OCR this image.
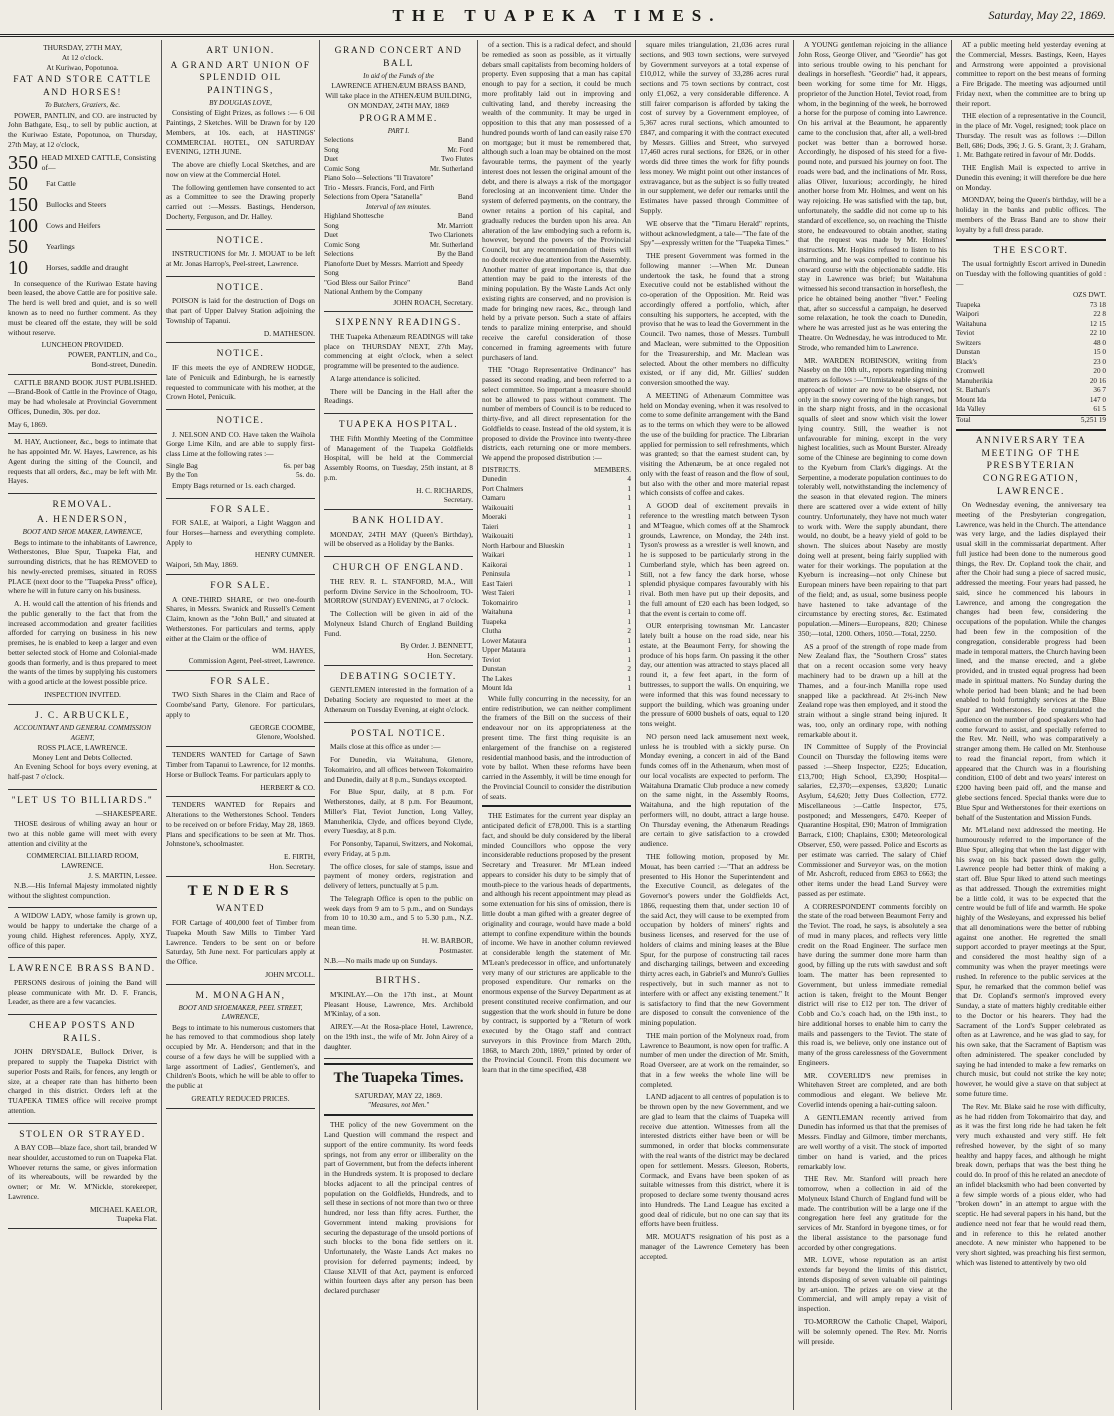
THE TUAPEKA TIMES.	Saturday, May 22, 1869.
THURSDAY, 27TH MAY,
At 12 o'clock.
At Kuriwao, Popotunoa.
FAT AND STORE CATTLE AND HORSES!
To Butchers, Graziers, &c.

POWER, PANTLIN, and CO. are instructed by John Bathgate, Esq., to sell by public auction, at the Kuriwao Estate, Popotunoa, on Thursday, 27th May, at 12 o'clock,

350 HEAD MIXED CATTLE, Consisting of—
50	Fat Cattle
150	Bullocks and Steers
100	Cows and Heifers
50	Yearlings
10	Horses, saddle and draught

In consequence of the Kuriwao Estate having been leased, the above Cattle are for positive sale. The herd is well bred and quiet, and is so well known as to need no further comment. As they must be cleared off the estate, they will be sold without reserve.

LUNCHEON PROVIDED.
POWER, PANTLIN, and Co.,
Bond-street, Dunedin.

CATTLE BRAND BOOK JUST PUBLISHED.—Brand-Book of Cattle in the Province of Otago, may be had wholesale at Provincial Government Offices, Dunedin, 30s. per doz.

May 6, 1869.

M. HAY, Auctioneer, &c., begs to intimate that he has appointed Mr. W. Hayes, Lawrence, as his Agent during the sitting of the Council, and requests that all orders, &c., may be left with Mr. Hayes.

REMOVAL.
A. HENDERSON,
BOOT AND SHOE MAKER, LAWRENCE,

Begs to intimate to the inhabitants of Lawrence, Wetherstones, Blue Spur, Tuapeka Flat, and surrounding districts, that he has REMOVED to his newly-erected premises, situated in ROSS PLACE (next door to the "Tuapeka Press" office), where he will in future carry on his business.

A. H. would call the attention of his friends and the public generally to the fact that from the increased accommodation and greater facilities afforded for carrying on business in his new premises, he is enabled to keep a larger and even better selected stock of Home and Colonial-made goods than formerly, and is thus prepared to meet the wants of the times by supplying his customers with a good article at the lowest possible price.

INSPECTION INVITED.
J. C. ARBUCKLE,
ACCOUNTANT AND GENERAL COMMISSION AGENT,
ROSS PLACE, LAWRENCE.
Money Lent and Debts Collected.

An Evening School for boys every evening, at half-past 7 o'clock.

"LET US TO BILLIARDS."
—SHAKESPEARE.

THOSE desirous of whiling away an hour or two at this noble game will meet with every attention and civility at the

COMMERCIAL BILLIARD ROOM, LAWRENCE.
J. S. MARTIN, Lessee.

N.B.—His Infernal Majesty immolated nightly without the slightest compunction.

A WIDOW LADY, whose family is grown up, would be happy to undertake the charge of a young child. Highest references. Apply, XYZ, office of this paper.

LAWRENCE BRASS BAND.

PERSONS desirous of joining the Band will please communicate with Mr. D. F. Francis, Leader, as there are a few vacancies.

CHEAP POSTS AND RAILS.

JOHN DRYSDALE, Bullock Driver, is prepared to supply the Tuapeka District with superior Posts and Rails, for fences, any length or size, at a cheaper rate than has hitherto been charged in this district. Orders left at the TUAPEKA TIMES office will receive prompt attention.

STOLEN OR STRAYED.

A BAY COB—blaze face, short tail, branded W near shoulder, accustomed to run on Tuapeka Flat. Whoever returns the same, or gives information of its whereabouts, will be rewarded by the owner; or Mr. W. M'Nickle, storekeeper, Lawrence.

MICHAEL KAELOR,
Tuapeka Flat.
ART UNION.
A GRAND ART UNION OF SPLENDID OIL PAINTINGS,
BY DOUGLAS LOVE,

Consisting of Eight Prizes, as follows :— 6 Oil Paintings, 2 Sketches. Will be Drawn for by 120 Members, at 10s. each, at HASTINGS' COMMERCIAL HOTEL, ON SATURDAY EVENING, 12TH JUNE.

The above are chiefly Local Sketches, and are now on view at the Commercial Hotel.

The following gentlemen have consented to act as a Committee to see the Drawing properly carried out :—Messrs. Bastings, Henderson, Docherty, Ferguson, and Dr. Halley.

NOTICE.

INSTRUCTIONS for Mr. J. MOUAT to be left at Mr. Jonas Harrop's, Peel-street, Lawrence.

NOTICE.

POISON is laid for the destruction of Dogs on that part of Upper Dalvey Station adjoining the Township of Tapanui.

D. MATHESON.
NOTICE.

IF this meets the eye of ANDREW HODGE, late of Penicuik and Edinburgh, he is earnestly requested to communicate with his mother, at the Crown Hotel, Penicuik.

NOTICE.

J. NELSON AND CO. Have taken the Waihola Gorge Lime Kiln, and are able to supply first-class Lime at the following rates :—

Single Bag	6s. per bag
By the Ton	5s. do.

Empty Bags returned or 1s. each charged.

FOR SALE.

FOR SALE, at Waipori, a Light Waggon and four Horses—harness and everything complete. Apply to

HENRY CUMNER.
Waipori, 5th May, 1869.
FOR SALE.

A ONE-THIRD SHARE, or two one-fourth Shares, in Messrs. Swanick and Russell's Cement Claim, known as the "John Bull," and situated at Wetherstones. For particulars and terms, apply either at the Claim or the office of

WM. HAYES,
Commission Agent, Peel-street, Lawrence.
FOR SALE.

TWO Sixth Shares in the Claim and Race of Coombe'sand Party, Glenore. For particulars, apply to

GEORGE COOMBE,
Glenore, Woolshed.

TENDERS WANTED for Cartage of Sawn Timber from Tapanui to Lawrence, for 12 months. Horse or Bullock Teams. For particulars apply to

HERBERT & CO.

TENDERS WANTED for Repairs and Alterations to the Wetherstones School. Tenders to be received on or before Friday, May 28, 1869. Plans and specifications to be seen at Mr. Thos. Johnstone's, schoolmaster.

E. FIRTH,
Hon. Secretary.
TENDERS
WANTED

FOR Cartage of 400,000 feet of Timber from Tuapeka Mouth Saw Mills to Timber Yard Lawrence. Tenders to be sent on or before Saturday, 5th June next. For particulars apply at the Office.

JOHN M'COLL.
M. MONAGHAN,
BOOT AND SHOEMAKER, PEEL STREET, LAWRENCE,

Begs to intimate to his numerous customers that he has removed to that commodious shop lately occupied by Mr. A. Henderson; and that in the course of a few days he will be supplied with a large assortment of Ladies', Gentlemen's, and Children's Boots, which he will be able to offer to the public at

GREATLY REDUCED PRICES.
GRAND CONCERT AND BALL
In aid of the Funds of the
LAWRENCE ATHENÆUM BRASS BAND,
Will take place in the ATHENÆUM BUILDING,
ON MONDAY, 24TH MAY, 1869
PROGRAMME.
PART I.
Selections	Band
Song	Mr. Ford
Duet	Two Flutes
Comic Song	Mr. Sutherland
Piano Solo—Selections "Il Travatore"
Trio - Messrs. Francis, Ford, and Firth
Selections from Opera "Satanella"	Band
Interval of ten minutes.
Highland Shottesche	Band
Song	Mr. Marriott
Duet	Two Clarionets
Comic Song	Mr. Sutherland
Selections	By the Band
Pianoforte Duet by Messrs. Marriott and Speedy
Song
"God Bless our Sailor Prince"	Band
National Anthem by the Company
JOHN ROACH, Secretary.
SIXPENNY READINGS.

THE Tuapeka Athenæum READINGS will take place on THURSDAY NEXT, 27th May, commencing at eight o'clock, when a select programme will be presented to the audience.

A large attendance is solicited.

There will be Dancing in the Hall after the Readings.

TUAPEKA HOSPITAL.

THE Fifth Monthly Meeting of the Committee of Management of the Tuapeka Goldfields Hospital, will be held at the Commercial Assembly Rooms, on Tuesday, 25th instant, at 8 p.m.

H. C. RICHARDS,
Secretary.
BANK HOLIDAY.

MONDAY, 24TH MAY (Queen's Birthday), will be observed as a Holiday by the Banks.

CHURCH OF ENGLAND.

THE REV. R. L. STANFORD, M.A., Will perform Divine Service in the Schoolroom, TO-MORROW (SUNDAY) EVENING, at 7 o'clock.

The Collection will be given in aid of the Molyneux Island Church of England Building Fund.

By Order. J. BENNETT,
Hon. Secretary.
DEBATING SOCIETY.

GENTLEMEN interested in the formation of a Debating Society are requested to meet at the Athenæum on Tuesday Evening, at eight o'clock.

POSTAL NOTICE.

Mails close at this office as under :—

For Dunedin, via Waitahuna, Glenore, Tokomairiro, and all offices between Tokomairiro and Dunedin, daily at 8 p.m., Sundays excepted.

For Blue Spur, daily, at 8 p.m. For Wetherstones, daily, at 8 p.m. For Beaumont, Miller's Flat, Teviot Junction, Long Valley, Manuherikia, Clyde, and offices beyond Clyde, every Tuesday, at 8 p.m.

For Ponsonby, Tapanui, Switzers, and Nokomai, every Friday, at 5 p.m.

The office closes, for sale of stamps, issue and payment of money orders, registration and delivery of letters, punctually at 5 p.m.

The Telegraph Office is open to the public on week days from 9 am to 5 p.m., and on Sundays from 10 to 10.30 a.m., and 5 to 5.30 p.m., N.Z. mean time.

H. W. BARBOR,
Postmaster.
N.B.—No mails made up on Sundays.
BIRTHS.

M'KINLAY.—On the 17th inst., at Mount Pleasant House, Lawrence, Mrs. Archibold M'Kinlay, of a son.

AIREY.—At the Rosa-place Hotel, Lawrence, on the 19th inst., the wife of Mr. John Airey of a daughter.

The Tuapeka Times.
SATURDAY, MAY 22, 1869.
"Measures, not Men."

THE policy of the new Government on the Land Question will command the respect and support of the entire community. Its word feeds springs, not from any error or illiberality on the part of Government, but from the defects inherent in the Hundreds system. It is proposed to declare blocks adjacent to all the principal centres of population on the Goldfields, Hundreds, and to sell these in sections of not more than two or three hundred, nor less than fifty acres. Further, the Government intend making provisions for securing the depasturage of the unsold portions of such blocks to the bona fide settlers on it. Unfortunately, the Waste Lands Act makes no provision for deferred payments; indeed, by Clause XLVII of that Act, payment is enforced within fourteen days after any person has been declared purchaser

of a section. This is a radical defect, and should be remedied as soon as possible, as it virtually debars small capitalists from becoming holders of property. Even supposing that a man has capital enough to pay for a section, it could be much more profitably laid out in improving and cultivating land, and thereby increasing the wealth of the community. It may be urged in opposition to this that any man possessed of a hundred pounds worth of land can easily raise £70 on mortgage; but it must be remembered that, although such a loan may be obtained on the most favourable terms, the payment of the yearly interest does not lessen the original amount of the debt, and there is always a risk of the mortgagor foreclosing at an inconvenient time. Under the system of deferred payments, on the contrary, the owner retains a portion of his capital, and gradually reduces the burden upon his area. An alteration of the law embodying such a reform is, however, beyond the powers of the Provincial Council, but any recommendation of theirs will no doubt receive due attention from the Assembly. Another matter of great importance is, that due attention may be paid to the interests of the mining population. By the Waste Lands Act only existing rights are conserved, and no provision is made for bringing new races, &c., through land held by a private person. Such a state of affairs tends to paralize mining enterprise, and should receive the careful consideration of those concerned in framing agreements with future purchasers of land.

THE "Otago Representative Ordinance" has passed its second reading, and been referred to a select committee. So important a measure should not be allowed to pass without comment. The number of members of Council is to be reduced to thirty-five, and all direct representation for the Goldfields to cease. Instead of the old system, it is proposed to divide the Province into twenty-three districts, each returning one or more members. We append the proposed distribution :—

DISTRICTS.	MEMBERS.
Dunedin	4
Port Chalmers	1
Oamaru	1
Waikouaiti	1
Moeraki	1
Taieri	1
Waikouaiti	1
North Harbour and Blueskin	1
Waikari	1
Kaikorai	1
Peninsula	1
East Taieri	1
West Taieri	1
Tokomairiro	1
Waitahuna	1
Tuapeka	1
Clutha	2
Lower Mataura	1
Upper Mataura	1
Teviot	1
Dunstan	2
The Lakes	1
Mount Ida	1

While fully concurring in the necessity, for an entire redistribution, we can neither compliment the framers of the Bill on the success of their endeavour nor on its appropriateness at the present time. The first thing requisite is an enlargement of the franchise on a registered residential manhood basis, and the introduction of vote by ballot. When these reforms have been carried in the Assembly, it will be time enough for the Provincial Council to consider the distribution of seats.

THE Estimates for the current year display an anticipated deficit of £78,000. This is a startling fact, and should be duly considered by the liberal minded Councillors who oppose the very inconsiderable reductions proposed by the present Secretary and Treasurer. Mr M'Lean indeed appears to consider his duty to be simply that of mouth-piece to the various heads of departments, and although his recent appointment may plead as some extenuation for his sins of omission, there is little doubt a man gifted with a greater degree of originality and courage, would have made a bold attempt to confine expenditure within the bounds of income. We have in another column reviewed at considerable length the statement of Mr. M'Lean's predecessor in office, and unfortunately very many of our strictures are applicable to the proposed expenditure. Our remarks on the enormous expense of the Survey Department as at present constituted receive confirmation, and our suggestion that the work should in future be done by contract, is supported by a "Return of work executed by the Otago staff and contract surveyors in this Province from March 20th, 1868, to March 20th, 1869," printed by order of the Provincial Council. From this document we learn that in the time specified, 438

square miles triangulation, 21,036 acres rural sections, and 903 town sections, were surveyed by Government surveyors at a total expense of £10,012, while the survey of 33,286 acres rural sections and 75 town sections by contract, cost only £1,062, a very considerable difference. A still fairer comparison is afforded by taking the cost of survey by a Government employee, of 5,367 acres rural sections, which amounted to £847, and comparing it with the contract executed by Messrs. Gillies and Street, who surveyed 17,460 acres rural sections, for £826, or in other words did three times the work for fifty pounds less money. We might point out other instances of extravagance, but as the subject is so fully treated in our supplement, we defer our remarks until the Estimates have passed through Committee of Supply.

WE observe that the "Timaru Herald" reprints, without acknowledgment, a tale—"The fate of the Spy"—expressly written for the "Tuapeka Times."

THE present Government was formed in the following manner :—When Mr. Dunean undertook the task, he found that a strong Executive could not be established without the co-operation of the Opposition. Mr. Reid was accordingly offered a portfolio, which, after consulting his supporters, he accepted, with the proviso that he was to lead the Government in the Council. Two names, those of Messrs. Turnbull and Maclean, were submitted to the Opposition for the Treasurership, and Mr. Maclean was selected. About the other members no difficulty existed, or if any did, Mr. Gillies' sudden conversion smoothed the way.

A MEETING of Athenæum Committee was held on Monday evening, when it was resolved to come to some definite arrangement with the Band as to the terms on which they were to be allowed the use of the building for practice. The Librarian applied for permission to sell refreshments, which was granted; so that the earnest student can, by visiting the Athenæum, be at once regaled not only with the feast of reason and the flow of soul, but also with the other and more material repast which consists of coffee and cakes.

A GOOD deal of excitement prevails in reference to the wrestling match between Tyson and M'Teague, which comes off at the Shamrock grounds, Lawrence, on Monday, the 24th inst. Tyson's prowess as a wrestler is well known, and he is supposed to be particularly strong in the Cumberland style, which has been agreed on. Still, not a few fancy the dark horse, whose splendid physique compares favourably with his rival. Both men have put up their deposits, and the full amount of £20 each has been lodged, so that the event is certain to come off.

OUR enterprising townsman Mr. Lancaster lately built a house on the road side, near his estate, at the Beaumont Ferry, for showing the produce of his hops farm. On passing it the other day, our attention was attracted to stays placed all round it, a few feet apart, in the form of buttresses, to support the walls. On enquiring, we were informed that this was found necessary to support the building, which was groaning under the pressure of 6000 bushels of oats, equal to 120 tons weight.

NO person need lack amusement next week, unless he is troubled with a sickly purse. On Monday evening, a concert in aid of the Band funds comes off in the Athenæum, when most of our local vocalists are expected to perform. The Waitahuna Dramatic Club produce a new comedy on the same night, in the Assembly Rooms, Waitahuna, and the high reputation of the performers will, no doubt, attract a large house. On Thursday evening, the Athenæum Readings are certain to give satisfaction to a crowded audience.

THE following motion, proposed by Mr. Mouat, has been carried :—"That an address be presented to His Honor the Superintendent and the Executive Council, as delegates of the Governor's powers under the Goldfields Act, 1866, requesting them that, under section 10 of the said Act, they will cause to be exempted from occupation by holders of miners' rights and business licenses, and reserved for the use of holders of claims and mining leases at the Blue Spur, for the purpose of constructing tail races and discharging tailings, between and exceeding thirty acres each, in Gabriel's and Munro's Gullies respectively, but in such manner as not to interfere with or affect any existing tenement." It is satisfactory to find that the new Government are disposed to consult the convenience of the mining population.

THE main portion of the Molyneux road, from Lawrence to Beaumont, is now open for traffic. A number of men under the direction of Mr. Smith, Road Overseer, are at work on the remainder, so that in a few weeks the whole line will be completed.

LAND adjacent to all centres of population is to be thrown open by the new Government, and we are glad to learn that the claims of Tuapeka will receive due attention. Witnesses from all the interested districts either have been or will be summoned, in order that blocks commensurate with the real wants of the district may be declared open for settlement. Messrs. Gleeson, Roberts, Cormack, and Evans have been spoken of as suitable witnesses from this district, where it is proposed to declare some twenty thousand acres into Hundreds. The Land League has excited a good deal of ridicule, but no one can say that its efforts have been fruitless.

MR. MOUAT'S resignation of his post as a manager of the Lawrence Cemetery has been accepted.

A YOUNG gentleman rejoicing in the alliance John Ross, George Oliver, and "Geordie" has got into serious trouble owing to his penchant for dealings in horseflesh. "Geordie" had, it appears, been working for some time for Mr. Higgs, proprietor of the Junction Hotel, Teviot road, from whom, in the beginning of the week, he borrowed a horse for the purpose of coming into Lawrence. On his arrival at the Beaumont, he apparently came to the conclusion that, after all, a well-bred pocket was better than a borrowed horse. Accordingly, he disposed of his steed for a five-pound note, and pursued his journey on foot. The roads were bad, and the inclinations of Mr. Ross, alias Oliver, luxurious; accordingly, he hired another horse from Mr. Holmes, and went on his way rejoicing. He was satisfied with the tap, but, unfortunately, the saddle did not come up to his standard of excellence, so, on reaching the Thistle store, he endeavoured to obtain another, stating that the request was made by Mr. Holmes' instructions. Mr. Hopkins refused to listen to his charming, and he was compelled to continue his onward course with the objectionable saddle. His stay in Lawrence was brief; but Waitahuna witnessed his second transaction in horseflesh, the price he obtained being another "fiver." Feeling that, after so successful a campaign, he deserved some relaxation, he took the coach to Dunedin, where he was arrested just as he was entering the Theatre. On Wednesday, he was introduced to Mr. Strode, who remanded him to Lawrence.

MR. WARDEN ROBINSON, writing from Naseby on the 10th ult., reports regarding mining matters as follows :—"Unmistakeable signs of the approach of winter are now to be observed, not only in the snowy covering of the high ranges, but in the sharp night frosts, and in the occasional squalls of sleet and snow which visit the lower lying country. Still, the weather is not unfavourable for mining, except in the very highest localities, such as Mount Burster. Already some of the Chinese are beginning to come down to the Kyeburn from Clark's diggings. At the Serpentine, a moderate population continues to do tolerably well, notwithstanding the inclemency of the season in that elevated region. The miners there are scattered over a wide extent of hilly country. Unfortunately, they have not much water to work with. Were the supply abundant, there would, no doubt, be a heavy yield of gold to be shown. The sluices about Naseby are mostly doing well at present, being fairly supplied with water for their workings. The population at the Kyeburn is increasing—not only Chinese but European miners have been repairing to that part of the field; and, as usual, some business people have hastened to take advantage of the circumstance by erecting stores, &c. Estimated population.—Miners—Europeans, 820; Chinese 350;—total, 1200. Others, 1050.—Total, 2250.

AS a proof of the strength of rope made from New Zealand flax, the "Southern Cross" states that on a recent occasion some very heavy machinery had to be drawn up a hill at the Thames, and a four-inch Manilla rope used snapped like a packthread. At 2½-inch New Zealand rope was then employed, and it stood the strain without a single strand being injured. It was, too, only an ordinary rope, with nothing remarkable about it.

IN Committee of Supply of the Provincial Council on Thursday the following items were passed :—Sheep Inspector, £225; Education, £13,700; High School, £3,390; Hospital—salaries, £2,370;—expenses, £3,820; Lunatic Asylum, £4,620; Jetty Dues Collection, £772. Miscellaneous :—Cattle Inspector, £75, postponed; and Messengers, £470. Keeper of Quarantine Hospital, £90; Matron of Immigration Barrack, £100; Chaplains, £300; Meteorological Observer, £50, were passed. Police and Escorts as per estimate was carried. The salary of Chief Commissioner and Surveyor was, on the motion of Mr. Ashcroft, reduced from £863 to £663; the other items under the head Land Survey were passed as per estimate.

A CORRESPONDENT comments forcibly on the state of the road between Beaumont Ferry and the Teviot. The road, he says, is absolutely a sea of mud in many places, and reflects very little credit on the Road Engineer. The surface men have during the summer done more harm than good, by filling up the ruts with sawdust and soft loam. The matter has been represented to Government, but unless immediate remedial action is taken, freight to the Mount Benger district will rise to £12 per ton. The driver of Cobb and Co.'s coach had, on the 19th inst., to hire additional horses to enable him to carry the mails and passengers to the Teviot. The state of this road is, we believe, only one instance out of many of the gross carelessness of the Government Engineers.

MR. COVERLID'S new premises in Whitehaven Street are completed, and are both commodious and elegant. We believe Mr. Coverlid intends opening a hair-cutting saloon.

A GENTLEMAN recently arrived from Dunedin has informed us that that the premises of Messrs. Findlay and Gilmore, timber merchants, are well worthy of a visit. The stock of imported timber on hand is varied, and the prices remarkably low.

THE Rev. Mr. Stanford will preach here tomorrow, when a collection in aid of the Molyneux Island Church of England fund will be made. The contribution will be a large one if the congregation here feel any gratitude for the services of Mr. Stanford in byegone times, or for the liberal assistance to the parsonage fund accorded by other congregations.

MR. LOVE, whose reputation as an artist extends far beyond the limits of this district, intends disposing of seven valuable oil paintings by art-union. The prizes are on view at the Commercial, and will amply repay a visit of inspection.

TO-MORROW the Catholic Chapel, Waipori, will be solemnly opened. The Rev. Mr. Norris will preside.

AT a public meeting held yesterday evening at the Commercial, Messrs. Bastings, Keen, Hayes and Armstrong were appointed a provisional committee to report on the best means of forming a Fire Brigade. The meeting was adjourned until Friday next, when the committee are to bring up their report.

THE election of a representative in the Council, in the place of Mr. Vogel, resigned; took place on Thursday. The result was as follows :—Dillon Bell, 686; Dods, 396; J. G. S. Grant, 3; J. Graham, 1. Mr. Bathgate retired in favour of Mr. Dodds.

THE English Mail is expected to arrive in Dunedin this evening; it will therefore be due here on Monday.

MONDAY, being the Queen's birthday, will be a holiday in the banks and public offices. The members of the Brass Band are to show their loyalty by a full dress parade.

THE ESCORT.

The usual fortnightly Escort arrived in Dunedin on Tuesday with the following quantities of gold :—

OZS DWT.
Tuapeka	73 18
Waipori	22 8
Waitahuna	12 15
Teviot	22 10
Switzers	48 0
Dunstan	15 0
Black's	23 0
Cromwell	20 0
Manuherikia	20 16
St. Bathan's	36 7
Mount Ida	147 0
Ida Valley	61 5
Total	5,251 19
ANNIVERSARY TEA MEETING OF THE PRESBYTERIAN CONGREGATION, LAWRENCE.

On Wednesday evening, the anniversary tea meeting of the Presbyterian congregation, Lawrence, was held in the Church. The attendance was very large, and the ladies displayed their usual skill in the commissariat department. After full justice had been done to the numerous good things, the Rev. Dr. Copland took the chair, and after the Choir had sung a piece of sacred music, addressed the meeting. Four years had passed, he said, since he commenced his labours in Lawrence, and among the congregation the changes had been few, considering the occupations of the population. While the changes had been few in the composition of the congregation, considerable progress had been made in temporal matters, the Church having been lined, and the manse erected, and a glebe provided, and in trusted equal progress had been made in spiritual matters. No Sunday during the whole period had been blank; and he had been enabled to hold fortnightly services at the Blue Spur and Wetherstones. He congratulated the audience on the number of good speakers who had come forward to assist, and specially referred to the Rev. Mr. Neill, who was comparatively a stranger among them. He called on Mr. Stenhouse to read the financial report, from which it appeared that the Church was in a flourishing condition, £100 of debt and two years' interest on £200 having been paid off, and the manse and glebe sections fenced. Special thanks were due to Blue Spur and Wetherstones for their exertions on behalf of the Sustentation and Mission Funds.

Mr. M'Leland next addressed the meeting. He humourously referred to the importance of the Blue Spur, alleging that when the last digger with his swag on his back passed down the gully, Lawrence people had better think of making a start off. Blue Spur liked to attend such meetings as that addressed. Though the extremities might be a little cold, it was to be expected that the centre would be full of life and warmth. He spoke highly of the Wesleyans, and expressed his belief that all denominations were the better of rubbing against one another. He regretted the small support accorded to prayer meetings at the Spur, and considered the most healthy sign of a community was when the prayer meetings were rushed. In reference to the public services at the Spur, he remarked that the common belief was that Dr. Copland's sermon's improved every Sunday, a state of matters highly creditable either to the Doctor or his hearers. They had the Sacrament of the Lord's Supper celebrated as often as at Lawrence, and he was glad to say, for his own sake, that the Sacrament of Baptism was often administered. The speaker concluded by saying he had intended to make a few remarks on church music, but could not strike the key note; however, he would give a stave on that subject at some future time.

The Rev. Mr. Blake said he rose with difficulty, as he had ridden from Tokomairiro that day, and as it was the first long ride he had taken he felt very much exhausted and very stiff. He felt refreshed however, by the sight of so many healthy and happy faces, and although he might break down, perhaps that was the best thing he could do. In proof of this he related an anecdote of an infidel blacksmith who had been converted by a few simple words of a pious elder, who had "broken down" in an attempt to argue with the sceptic. He had several papers in his hand, but the audience need not fear that he would read them, and in reference to this he related another anecdote. A new minister who happened to be very short sighted, was preaching his first sermon, which was listened to attentively by two old
